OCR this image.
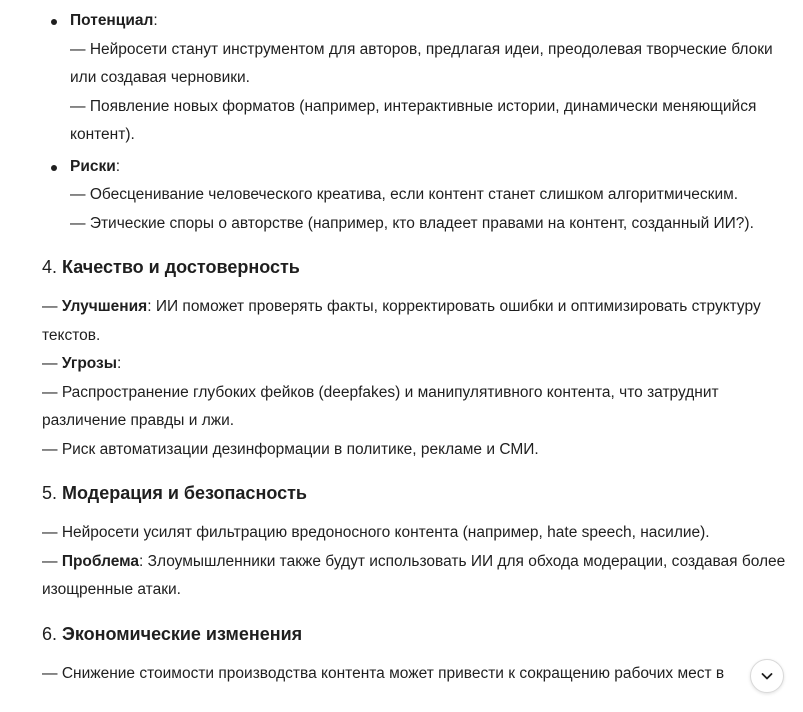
Потенциал:
— Нейросети станут инструментом для авторов, предлагая идеи, преодолевая творческие блоки или создавая черновики.
— Появление новых форматов (например, интерактивные истории, динамически меняющийся контент).
Риски:
— Обесценивание человеческого креатива, если контент станет слишком алгоритмическим.
— Этические споры о авторстве (например, кто владеет правами на контент, созданный ИИ?).
4. Качество и достоверность
— Улучшения: ИИ поможет проверять факты, корректировать ошибки и оптимизировать структуру текстов.
— Угрозы:
— Распространение глубоких фейков (deepfakes) и манипулятивного контента, что затруднит различение правды и лжи.
— Риск автоматизации дезинформации в политике, рекламе и СМИ.
5. Модерация и безопасность
— Нейросети усилят фильтрацию вредоносного контента (например, hate speech, насилие).
— Проблема: Злоумышленники также будут использовать ИИ для обхода модерации, создавая более изощренные атаки.
6. Экономические изменения
— Снижение стоимости производства контента может привести к сокращению рабочих мест в
